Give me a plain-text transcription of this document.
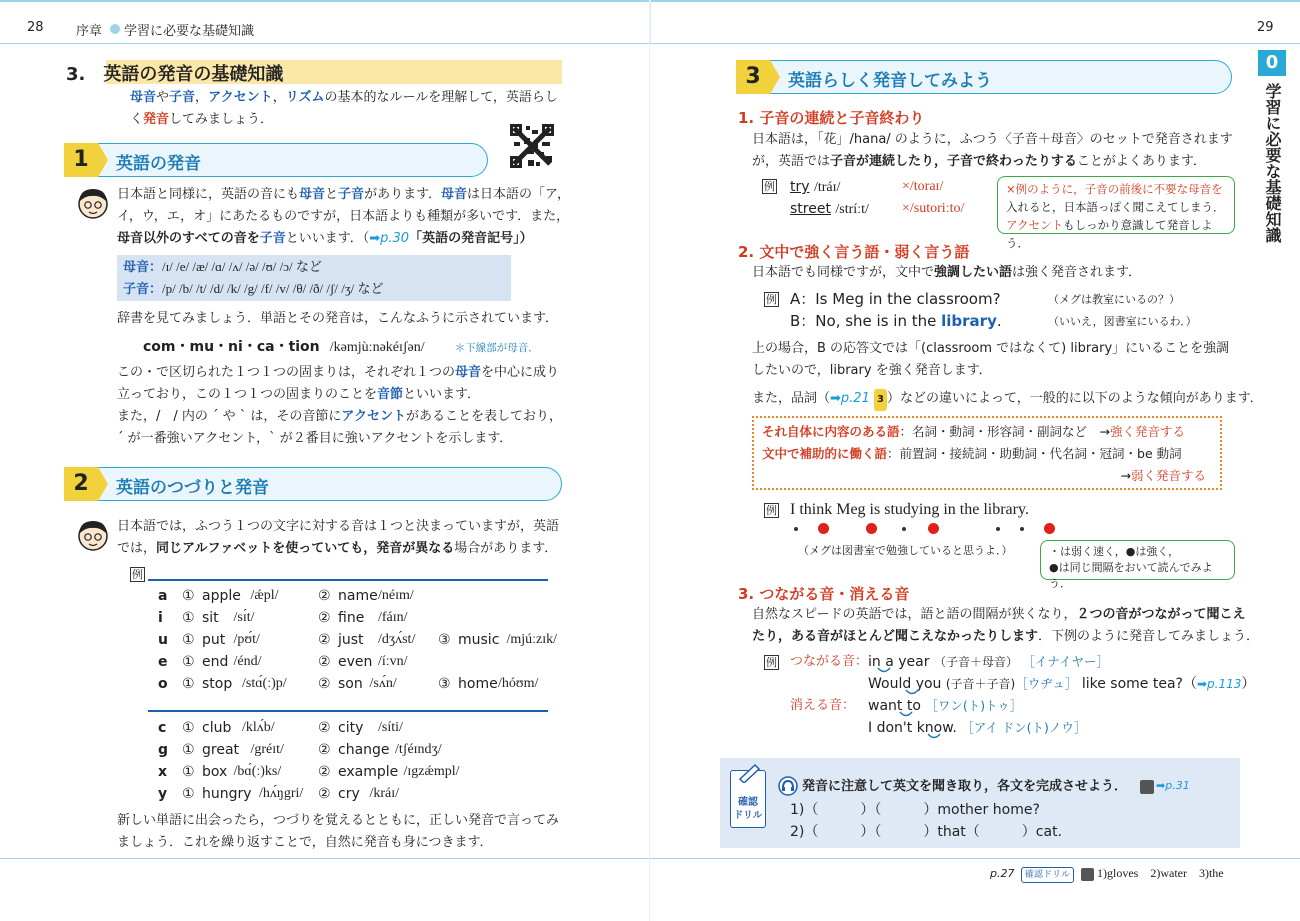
28 序章 学習に必要な基礎知識	29
3.　英語の発音の基礎知識
母音や子音，アクセント，リズムの基本的なルールを理解して，英語らし
く発音してみましょう．
1	英語の発音
日本語と同様に，英語の音にも母音と子音があります．母音は日本語の「ア，
イ，ウ，エ，オ」にあたるものですが，日本語よりも種類が多いです．また，
母音以外のすべての音を子音といいます．（➡p.30「英語の発音記号」）
母音：/ɪ/ /e/ /æ/ /ɑ/ /ʌ/ /ə/ /ʊ/ /ɔ/ など
子音：/p/ /b/ /t/ /d/ /k/ /g/ /f/ /v/ /θ/ /ð/ /ʃ/ /ʒ/ など
辞書を見てみましょう．単語とその発音は，こんなふうに示されています．
com・mu・ni・ca・tion /kəmjùːnəkéɪʃən/	＊下線部が母音．
この・で区切られた１つ１つの固まりは，それぞれ１つの母音を中心に成り
立っており，この１つ１つの固まりのことを音節といいます．
また，/　/ 内の ˊ や ˋ は，その音節にアクセントがあることを表しており，
ˊ が一番強いアクセント，ˋ が２番目に強いアクセントを示します．
2	英語のつづりと発音
日本語では，ふつう１つの文字に対する音は１つと決まっていますが，英語
では，同じアルファベットを使っていても，発音が異なる場合があります．
例
a ① apple /ǽpl/	② name /néɪm/
i ① sit /sɪ́t/	② fine /fáɪn/
u ① put /pʊ́t/	② just /dʒʌ́st/ ③ music /mjúːzɪk/
e ① end /énd/	② even /íːvn/
o ① stop /stɑ́(ː)p/ ② son /sʌ́n/	③ home /hóʊm/
c ① club /klʌ́b/	② city /síti/
g ① great /gréɪt/ ② change /tʃéɪndʒ/
x ① box /bɑ́(ː)ks/	② example /ɪgzǽmpl/
y ① hungry /hʌ́ŋgri/ ② cry /kráɪ/
新しい単語に出会ったら，つづりを覚えるとともに，正しい発音で言ってみ
ましょう．これを繰り返すことで，自然に発音も身につきます．
0
学習に必要な基礎知識
3	英語らしく発音してみよう
1. 子音の連続と子音終わり
日本語は，「花」/hana/ のように，ふつう〈子音＋母音〉のセットで発音されます
が，英語では子音が連続したり，子音で終わったりすることがよくあります．
例 try /tráɪ/	×/toraɪ/
street /stríːt/ ×/sutoriːto/
×例のように，子音の前後に不要な母音を
入れると，日本語っぽく聞こえてしまう．
アクセントもしっかり意識して発音しよう．
2. 文中で強く言う語・弱く言う語
日本語でも同様ですが，文中で強調したい語は強く発音されます．
例 A：Is Meg in the classroom?	（メグは教室にいるの？）
B：No, she is in the library.	（いいえ，図書室にいるわ．）
上の場合，B の応答文では「(classroom ではなくて) library」にいることを強調
したいので，library を強く発音します．
また，品詞（➡p.21 3 ）などの違いによって，一般的に以下のような傾向があります．
それ自体に内容のある語：名詞・動詞・形容詞・副詞など　→強く発音する
文中で補助的に働く語：前置詞・接続詞・助動詞・代名詞・冠詞・be 動詞
→弱く発音する
例 I think Meg is studying in the library.
（メグは図書室で勉強していると思うよ．）	・は弱く速く，●は強く，
●は同じ間隔をおいて読んでみよう．
3. つながる音・消える音
自然なスピードの英語では，語と語の間隔が狭くなり，２つの音がつながって聞こえ
たり，ある音がほとんど聞こえなかったりします．下例のように発音してみましょう．
例 つながる音： in a year （子音＋母音） ［イナイヤー］
Would you (子音＋子音)［ウヂュ］ like some tea?（➡p.113）
消える音： want to ［ワン(ト)トゥ］
I don't know. ［アイ ドン(ト)ノウ］
確認
ドリル
発音に注意して英文を聞き取り，各文を完成させよう．	➡p.31
1)（　　　）（　　　）mother home?
2)（　　　）（　　　）that（　　　）cat.
p.27 確認ドリル 1)gloves　2)water　3)the
